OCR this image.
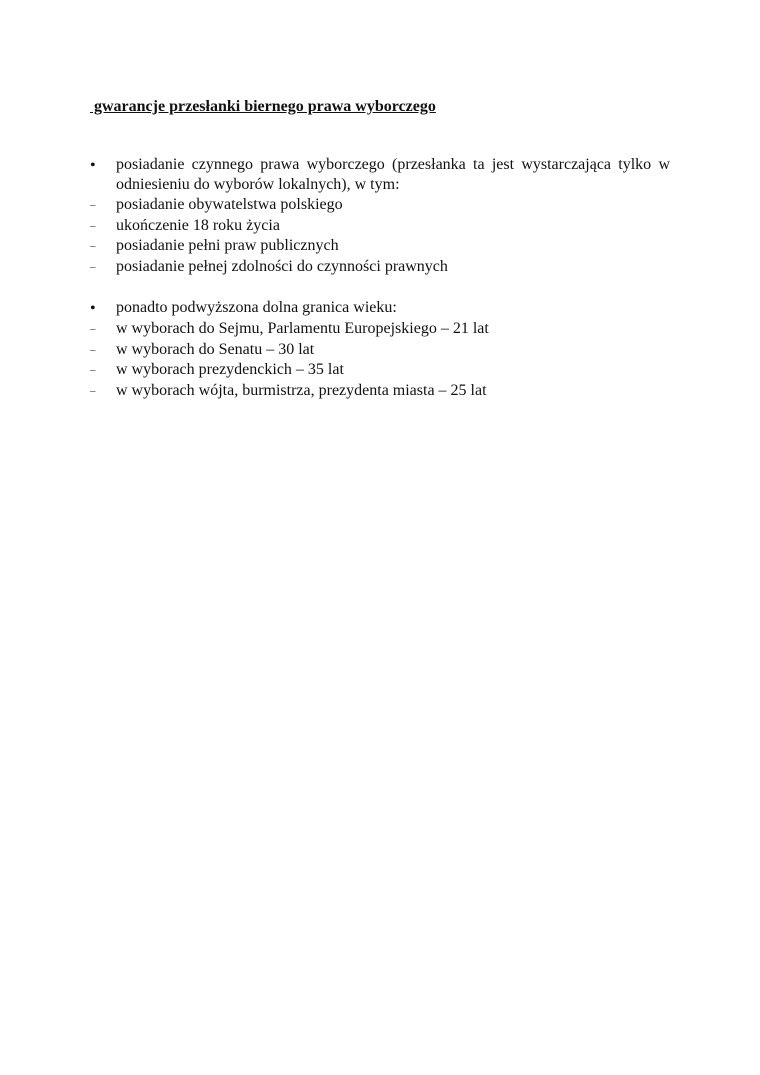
gwarancje przesłanki biernego prawa wyborczego

•	posiadanie czynnego prawa wyborczego (przesłanka ta jest wystarczająca tylko w odniesieniu do wyborów lokalnych), w tym:
–	posiadanie obywatelstwa polskiego
–	ukończenie 18 roku życia
–	posiadanie pełni praw publicznych
–	posiadanie pełnej zdolności do czynności prawnych
•	ponadto podwyższona dolna granica wieku:
–	w wyborach do Sejmu, Parlamentu Europejskiego – 21 lat
–	w wyborach do Senatu – 30 lat
–	w wyborach prezydenckich – 35 lat
–	w wyborach wójta, burmistrza, prezydenta miasta – 25 lat
